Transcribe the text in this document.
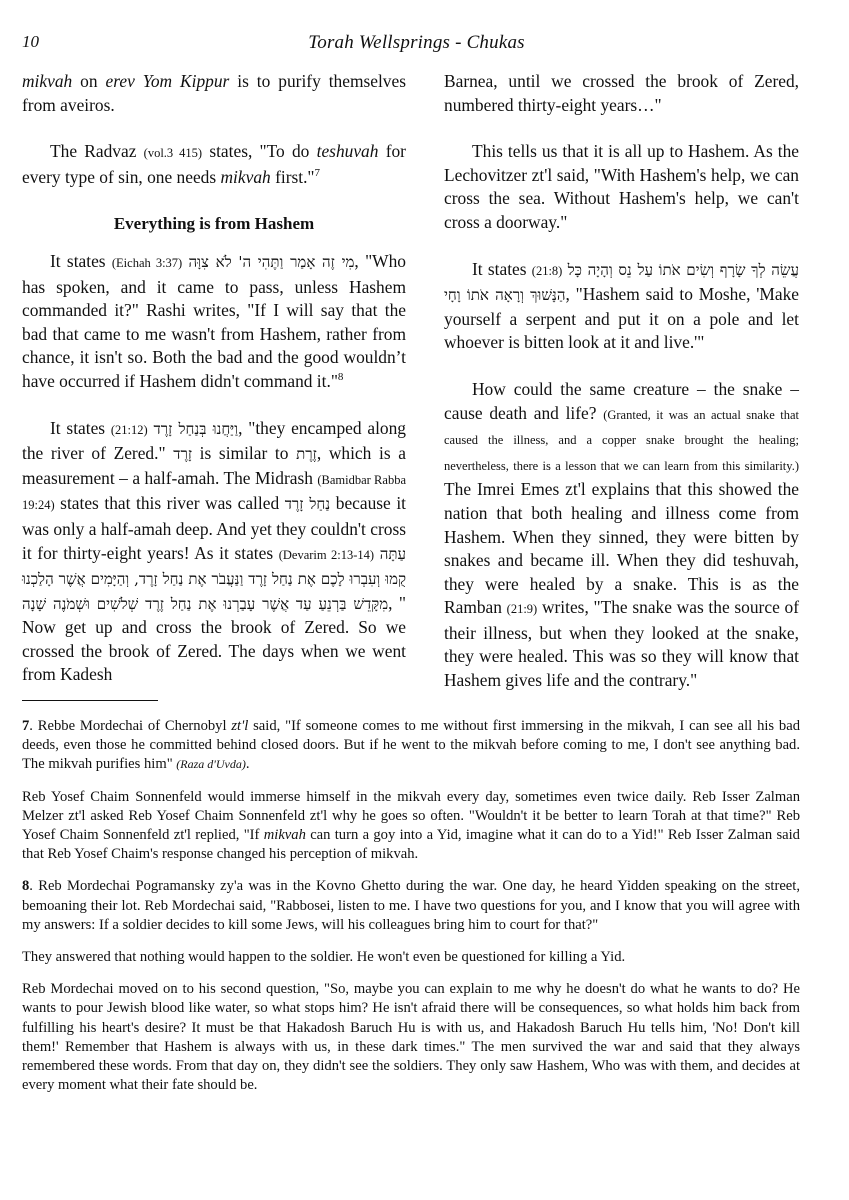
10	Torah Wellsprings - Chukas

mikvah on erev Yom Kippur is to purify themselves from aveiros.

The Radvaz (vol.3 415) states, "To do teshuvah for every type of sin, one needs mikvah first."$^7$

Everything is from Hashem

It states (Eichah 3:37) מִי זֶה אָמַר וַתֶּהִי ה' לֹא צִוָּה, "Who has spoken, and it came to pass, unless Hashem commanded it?" Rashi writes, "If I will say that the bad that came to me wasn't from Hashem, rather from chance, it isn't so. Both the bad and the good wouldn’t have occurred if Hashem didn't command it."$^8$

It states (21:12) וַיַּחֲנוּ בְּנַחַל זָרֶד, "they encamped along the river of Zered." זָרֶד is similar to זֶרֶת, which is a measurement – a half-amah. The Midrash (Bamidbar Rabba 19:24) states that this river was called נַחַל זָרֶד because it was only a half-amah deep. And yet they couldn't cross it for thirty-eight years! As it states (Devarim 2:13-14) עַתָּה קֻמוּ וְעִבְרוּ לָכֶם אֶת נַחַל זָרֶד וַנַּעֲבֹר אֶת נַחַל זָרֶד, וְהַיָּמִים אֲשֶׁר הָלַכְנוּ מִקָּדֵשׁ בַּרְנֵעַ עַד אֲשֶׁר עָבַרְנוּ אֶת נַחַל זֶרֶד שְׁלֹשִׁים וּשְׁמֹנֶה שָׁנָה, " Now get up and cross the brook of Zered. So we crossed the brook of Zered. The days when we went from Kadesh

Barnea, until we crossed the brook of Zered, numbered thirty-eight years…"

This tells us that it is all up to Hashem. As the Lechovitzer zt'l said, "With Hashem's help, we can cross the sea. Without Hashem's help, we can't cross a doorway."

It states (21:8) עֲשֵׂה לְךָ שָׂרָף וְשִׂים אֹתוֹ עַל נֵס וְהָיָה כָּל הַנָּשׁוּךְ וְרָאָה אֹתוֹ וָחָי, "Hashem said to Moshe, 'Make yourself a serpent and put it on a pole and let whoever is bitten look at it and live.'"

How could the same creature – the snake – cause death and life? (Granted, it was an actual snake that caused the illness, and a copper snake brought the healing; nevertheless, there is a lesson that we can learn from this similarity.) The Imrei Emes zt'l explains that this showed the nation that both healing and illness come from Hashem. When they sinned, they were bitten by snakes and became ill. When they did teshuvah, they were healed by a snake. This is as the Ramban (21:9) writes, "The snake was the source of their illness, but when they looked at the snake, they were healed. This was so they will know that Hashem gives life and the contrary."

7. Rebbe Mordechai of Chernobyl zt'l said, "If someone comes to me without first immersing in the mikvah, I can see all his bad deeds, even those he committed behind closed doors. But if he went to the mikvah before coming to me, I don't see anything bad. The mikvah purifies him" (Raza d'Uvda).

Reb Yosef Chaim Sonnenfeld would immerse himself in the mikvah every day, sometimes even twice daily. Reb Isser Zalman Melzer zt'l asked Reb Yosef Chaim Sonnenfeld zt'l why he goes so often. "Wouldn't it be better to learn Torah at that time?" Reb Yosef Chaim Sonnenfeld zt'l replied, "If mikvah can turn a goy into a Yid, imagine what it can do to a Yid!" Reb Isser Zalman said that Reb Yosef Chaim's response changed his perception of mikvah.

8. Reb Mordechai Pogramansky zy'a was in the Kovno Ghetto during the war. One day, he heard Yidden speaking on the street, bemoaning their lot. Reb Mordechai said, "Rabbosei, listen to me. I have two questions for you, and I know that you will agree with my answers: If a soldier decides to kill some Jews, will his colleagues bring him to court for that?"

They answered that nothing would happen to the soldier. He won't even be questioned for killing a Yid.

Reb Mordechai moved on to his second question, "So, maybe you can explain to me why he doesn't do what he wants to do? He wants to pour Jewish blood like water, so what stops him? He isn't afraid there will be consequences, so what holds him back from fulfilling his heart's desire? It must be that Hakadosh Baruch Hu is with us, and Hakadosh Baruch Hu tells him, 'No! Don't kill them!' Remember that Hashem is always with us, in these dark times." The men survived the war and said that they always remembered these words. From that day on, they didn't see the soldiers. They only saw Hashem, Who was with them, and decides at every moment what their fate should be.
